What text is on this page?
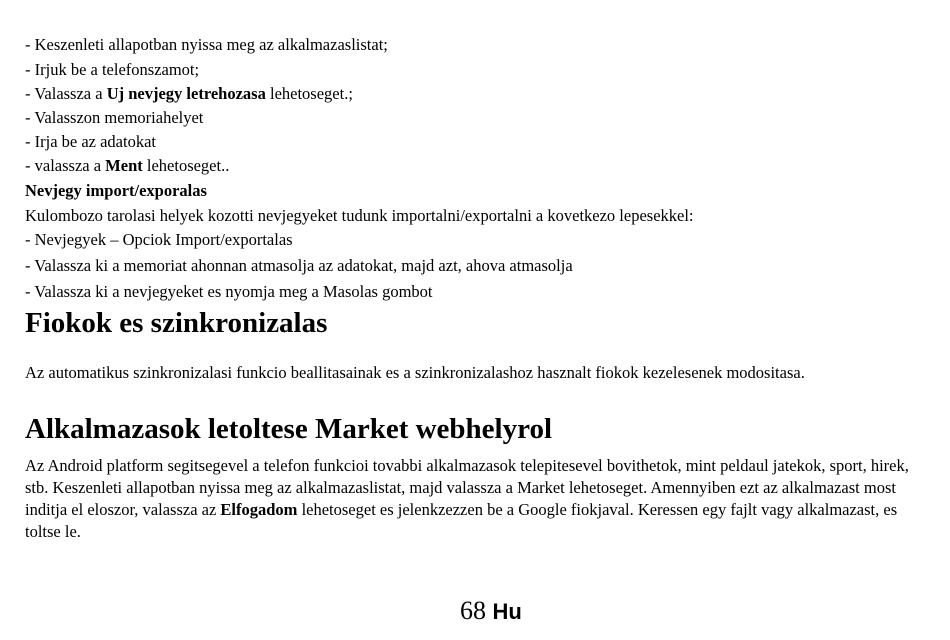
- Keszenleti allapotban nyissa meg az alkalmazaslistat;
- Irjuk be a telefonszamot;
- Valassza a Uj nevjegy letrehozasa lehetoseget.;
- Valasszon memoriahelyet
- Irja be az adatokat
- valassza a Ment lehetoseget..
Nevjegy import/exporalas
Kulombozo tarolasi helyek kozotti nevjegyeket tudunk importalni/exportalni a kovetkezo lepesekkel:
- Nevjegyek – Opciok Import/exportalas
- Valassza ki a memoriat ahonnan atmasolja az adatokat, majd azt, ahova atmasolja
- Valassza ki a nevjegyeket es nyomja meg a Masolas gombot
Fiokok es szinkronizalas
Az automatikus szinkronizalasi funkcio beallitasainak es a szinkronizalashoz hasznalt fiokok kezelesenek modositasa.
Alkalmazasok letoltese Market webhelyrol
Az Android platform segitsegevel a telefon funkcioi tovabbi alkalmazasok telepitesevel bovithetok, mint peldaul jatekok, sport, hirek, stb. Keszenleti allapotban nyissa meg az alkalmazaslistat, majd valassza a Market lehetoseget. Amennyiben ezt az alkalmazast most inditja el eloszor, valassza az Elfogadom lehetoseget es jelenkzezzen be a Google fiokjaval. Keressen egy fajlt vagy alkalmazast, es toltse le.
68 Hu
